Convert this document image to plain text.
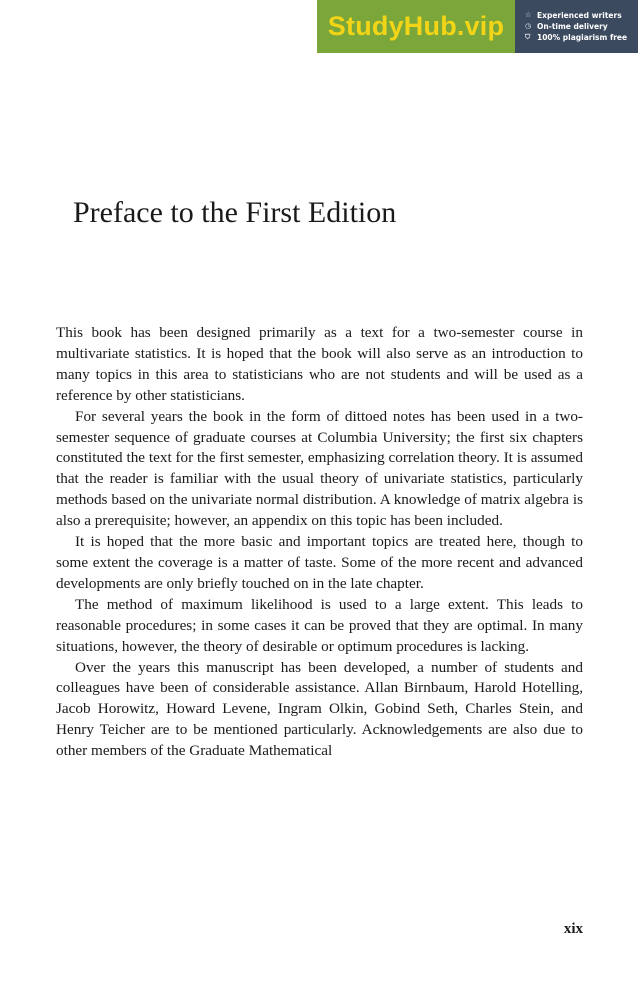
Preface to the First Edition

This book has been designed primarily as a text for a two-semester course in multivariate statistics. It is hoped that the book will also serve as an introduction to many topics in this area to statisticians who are not students and will be used as a reference by other statisticians.

For several years the book in the form of dittoed notes has been used in a two-semester sequence of graduate courses at Columbia University; the first six chapters constituted the text for the first semester, emphasizing correlation theory. It is assumed that the reader is familiar with the usual theory of univariate statistics, particularly methods based on the univariate normal distribution. A knowledge of matrix algebra is also a prerequisite; however, an appendix on this topic has been included.

It is hoped that the more basic and important topics are treated here, though to some extent the coverage is a matter of taste. Some of the more recent and advanced developments are only briefly touched on in the late chapter.

The method of maximum likelihood is used to a large extent. This leads to reasonable procedures; in some cases it can be proved that they are optimal. In many situations, however, the theory of desirable or optimum procedures is lacking.

Over the years this manuscript has been developed, a number of students and colleagues have been of considerable assistance. Allan Birnbaum, Harold Hotelling, Jacob Horowitz, Howard Levene, Ingram Olkin, Gobind Seth, Charles Stein, and Henry Teicher are to be mentioned particularly. Acknowledgements are also due to other members of the Graduate Mathematical

xix
StudyHub.vip	☆ Experienced writers
◷ On-time delivery
⛉ 100% plagiarism free
